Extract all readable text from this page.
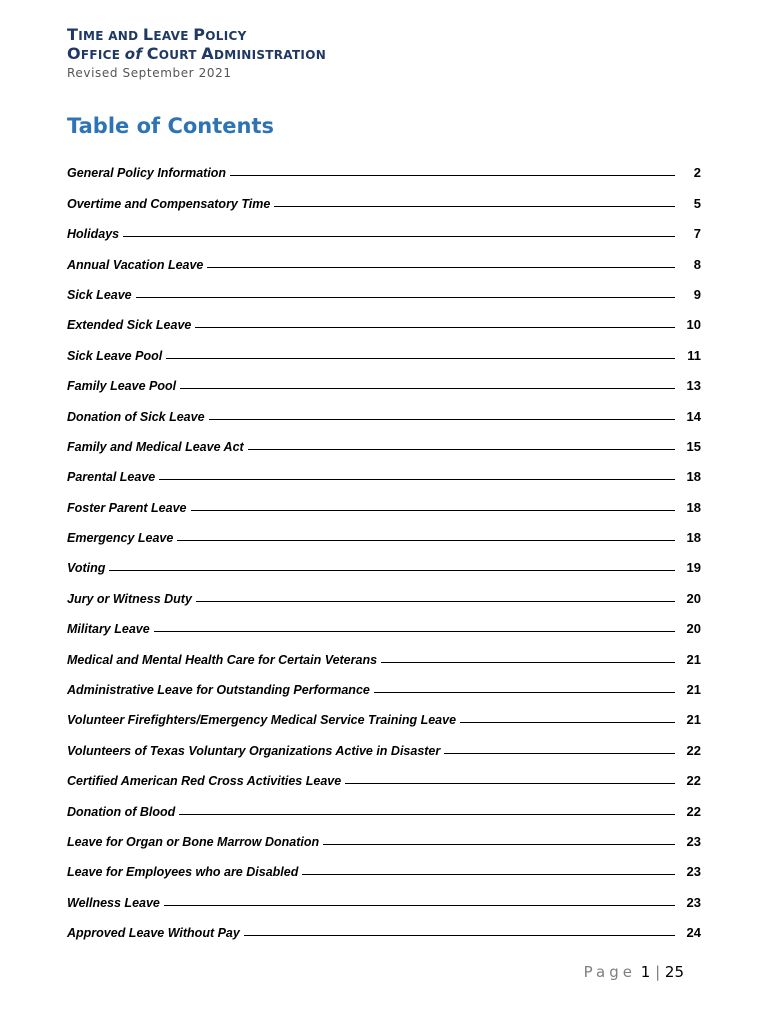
TIME AND LEAVE POLICY
OFFICE of COURT ADMINISTRATION
Revised September 2021
Table of Contents
General Policy Information	2
Overtime and Compensatory Time	5
Holidays	7
Annual Vacation Leave	8
Sick Leave	9
Extended Sick Leave	10
Sick Leave Pool	11
Family Leave Pool	13
Donation of Sick Leave	14
Family and Medical Leave Act	15
Parental Leave	18
Foster Parent Leave	18
Emergency Leave	18
Voting	19
Jury or Witness Duty	20
Military Leave	20
Medical and Mental Health Care for Certain Veterans	21
Administrative Leave for Outstanding Performance	21
Volunteer Firefighters/Emergency Medical Service Training Leave	21
Volunteers of Texas Voluntary Organizations Active in Disaster	22
Certified American Red Cross Activities Leave	22
Donation of Blood	22
Leave for Organ or Bone Marrow Donation	23
Leave for Employees who are Disabled	23
Wellness Leave	23
Approved Leave Without Pay	24
Page 1 | 25
